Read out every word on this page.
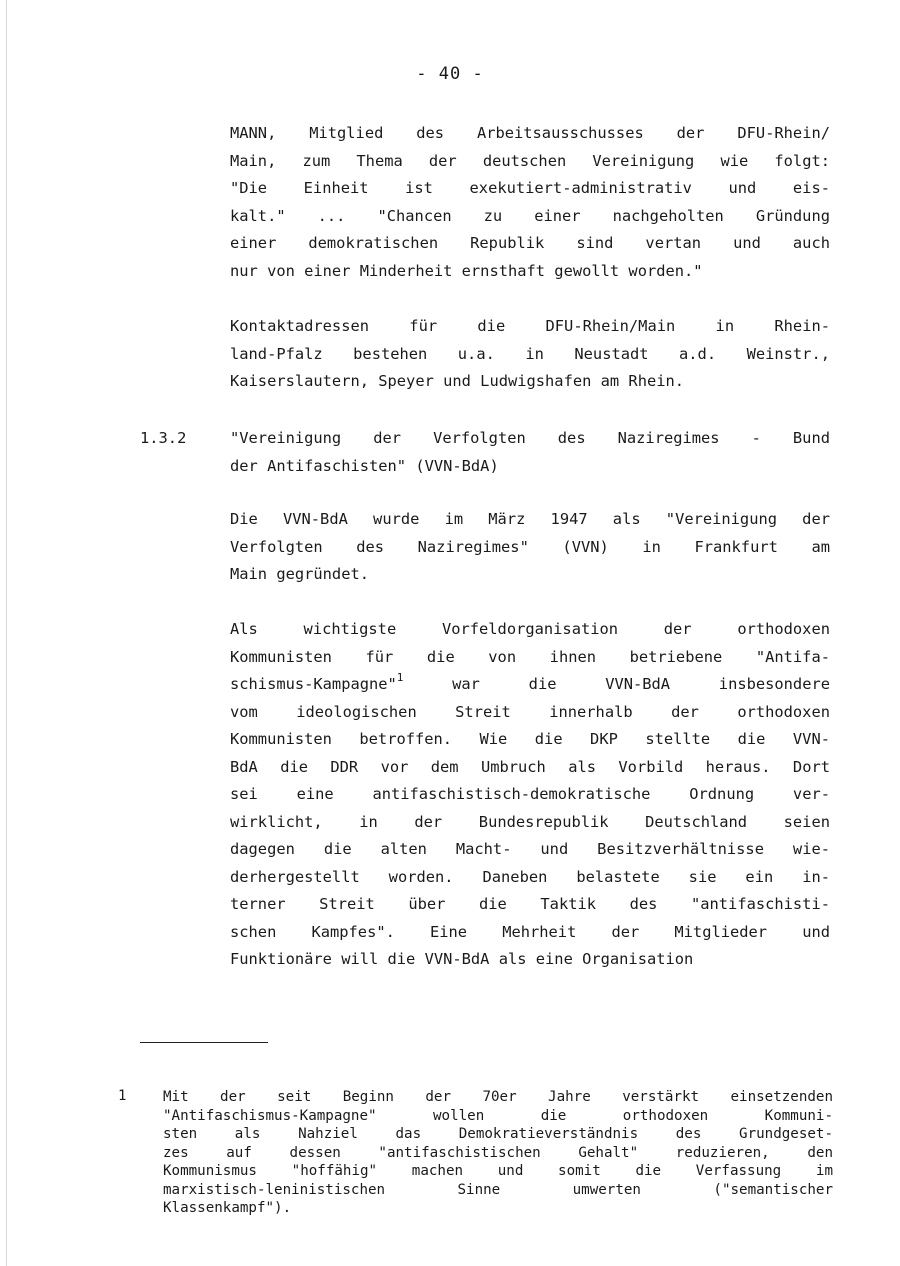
- 40 -
MANN, Mitglied des Arbeitsausschusses der DFU-Rhein/
Main, zum Thema der deutschen Vereinigung wie folgt:
"Die Einheit ist exekutiert-administrativ und eis-
kalt." ... "Chancen zu einer nachgeholten Gründung
einer demokratischen Republik sind vertan und auch
nur von einer Minderheit ernsthaft gewollt worden."
Kontaktadressen für die DFU-Rhein/Main in Rhein-
land-Pfalz bestehen u.a. in Neustadt a.d. Weinstr.,
Kaiserslautern, Speyer und Ludwigshafen am Rhein.
1.3.2	"Vereinigung der Verfolgten des Naziregimes - Bund
der Antifaschisten" (VVN-BdA)
Die VVN-BdA wurde im März 1947 als "Vereinigung der
Verfolgten des Naziregimes" (VVN) in Frankfurt am
Main gegründet.
Als wichtigste Vorfeldorganisation der orthodoxen
Kommunisten für die von ihnen betriebene "Antifa-
schismus-Kampagne"$^1$ war die VVN-BdA insbesondere
vom ideologischen Streit innerhalb der orthodoxen
Kommunisten betroffen. Wie die DKP stellte die VVN-
BdA die DDR vor dem Umbruch als Vorbild heraus. Dort
sei eine antifaschistisch-demokratische Ordnung ver-
wirklicht, in der Bundesrepublik Deutschland seien
dagegen die alten Macht- und Besitzverhältnisse wie-
derhergestellt worden. Daneben belastete sie ein in-
terner Streit über die Taktik des "antifaschisti-
schen Kampfes". Eine Mehrheit der Mitglieder und
Funktionäre will die VVN-BdA als eine Organisation
1	Mit der seit Beginn der 70er Jahre verstärkt einsetzenden
"Antifaschismus-Kampagne" wollen die orthodoxen Kommuni-
sten als Nahziel das Demokratieverständnis des Grundgeset-
zes auf dessen "antifaschistischen Gehalt" reduzieren, den
Kommunismus "hoffähig" machen und somit die Verfassung im
marxistisch-leninistischen Sinne umwerten ("semantischer
Klassenkampf").
